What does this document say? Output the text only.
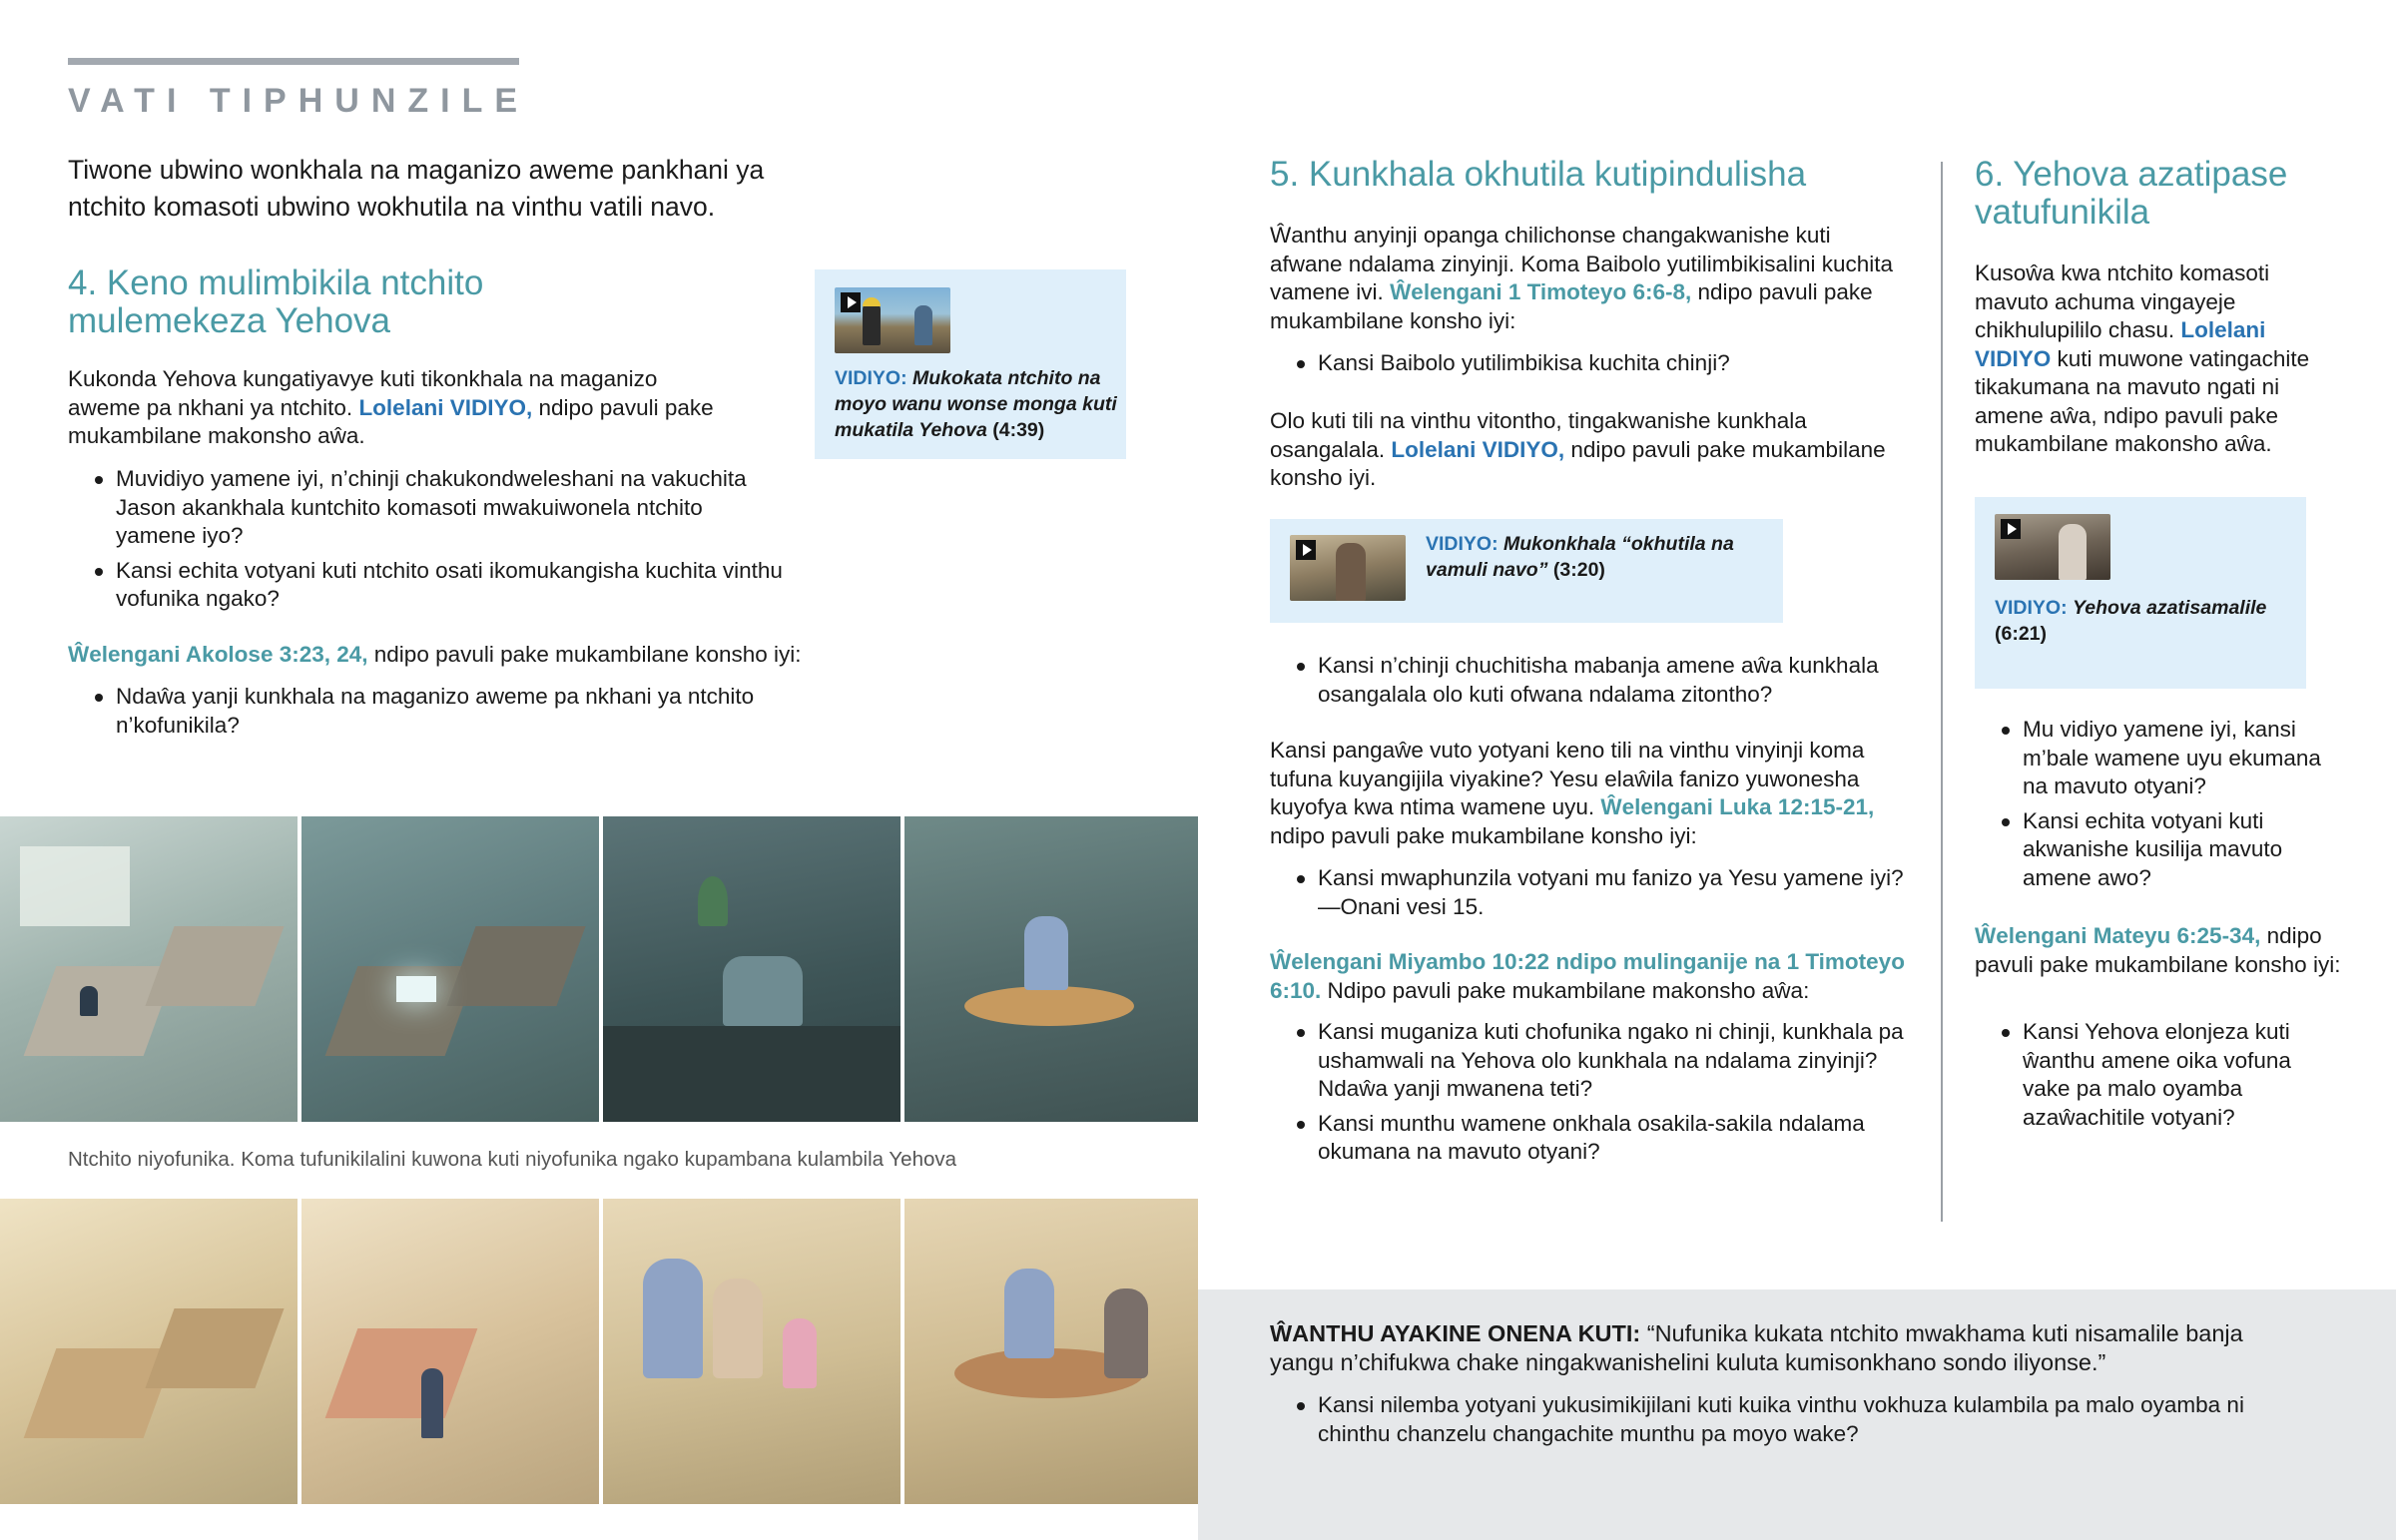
VATI TIPHUNZILE
Tiwone ubwino wonkhala na maganizo aweme pankhani ya ntchito komasoti ubwino wokhutila na vinthu vatili navo.
4. Keno mulimbikila ntchito mulemekeza Yehova
Kukonda Yehova kungatiyavye kuti tikonkhala na maganizo aweme pa nkhani ya ntchito. Lolelani VIDIYO, ndipo pavuli pake mukambilane makonsho aŵa.
Muvidiyo yamene iyi, n’chinji chakukondweleshani na vakuchita Jason akankhala kuntchito komasoti mwakuiwonela ntchito yamene iyo?
Kansi echita votyani kuti ntchito osati ikomukangisha kuchita vinthu vofunika ngako?
Ŵelengani Akolose 3:23, 24, ndipo pavuli pake mukambilane konsho iyi:
Ndaŵa yanji kunkhala na maganizo aweme pa nkhani ya ntchito n’kofunikila?
VIDIYO: Mukokata ntchito na moyo wanu wonse monga kuti mukatila Yehova (4:39)
Ntchito niyofunika. Koma tufunikilalini kuwona kuti niyofunika ngako kupambana kulambila Yehova
5. Kunkhala okhutila kutipindulisha
Ŵanthu anyinji opanga chilichonse changakwanishe kuti afwane ndalama zinyinji. Koma Baibolo yutilimbikisalini kuchita vamene ivi. Ŵelengani 1 Timoteyo 6:6-8, ndipo pavuli pake mukambilane konsho iyi:
Kansi Baibolo yutilimbikisa kuchita chinji?
Olo kuti tili na vinthu vitontho, tingakwanishe kunkhala osangalala. Lolelani VIDIYO, ndipo pavuli pake mukambilane konsho iyi.
VIDIYO: Mukonkhala “okhutila na vamuli navo” (3:20)
Kansi n’chinji chuchitisha mabanja amene aŵa kunkhala osangalala olo kuti ofwana ndalama zitontho?
Kansi pangaŵe vuto yotyani keno tili na vinthu vinyinji koma tufuna kuyangijila viyakine? Yesu elaŵila fanizo yuwonesha kuyofya kwa ntima wamene uyu. Ŵelengani Luka 12:15-21, ndipo pavuli pake mukambilane konsho iyi:
Kansi mwaphunzila votyani mu fanizo ya Yesu yamene iyi? —Onani vesi 15.
Ŵelengani Miyambo 10:22 ndipo mulinganije na 1 Timoteyo 6:10. Ndipo pavuli pake mukambilane makonsho aŵa:
Kansi muganiza kuti chofunika ngako ni chinji, kunkhala pa ushamwali na Yehova olo kunkhala na ndalama zinyinji? Ndaŵa yanji mwanena teti?
Kansi munthu wamene onkhala osakila-sakila ndalama okumana na mavuto otyani?
6. Yehova azatipase vatufunikila
Kusoŵa kwa ntchito komasoti mavuto achuma vingayeje chikhulupililo chasu. Lolelani VIDIYO kuti muwone vatingachite tikakumana na mavuto ngati ni amene aŵa, ndipo pavuli pake mukambilane makonsho aŵa.
VIDIYO: Yehova azatisamalile
(6:21)
Mu vidiyo yamene iyi, kansi m’bale wamene uyu ekumana na mavuto otyani?
Kansi echita votyani kuti akwanishe kusilija mavuto amene awo?
Ŵelengani Mateyu 6:25-34, ndipo pavuli pake mukambilane konsho iyi:
Kansi Yehova elonjeza kuti ŵanthu amene oika vofuna vake pa malo oyamba azaŵachitile votyani?
ŴANTHU AYAKINE ONENA KUTI: “Nufunika kukata ntchito mwakhama kuti nisamalile banja yangu n’chifukwa chake ningakwanishelini kuluta kumisonkhano sondo iliyonse.”
Kansi nilemba yotyani yukusimikijilani kuti kuika vinthu vokhuza kulambila pa malo oyamba ni chinthu chanzelu changachite munthu pa moyo wake?
